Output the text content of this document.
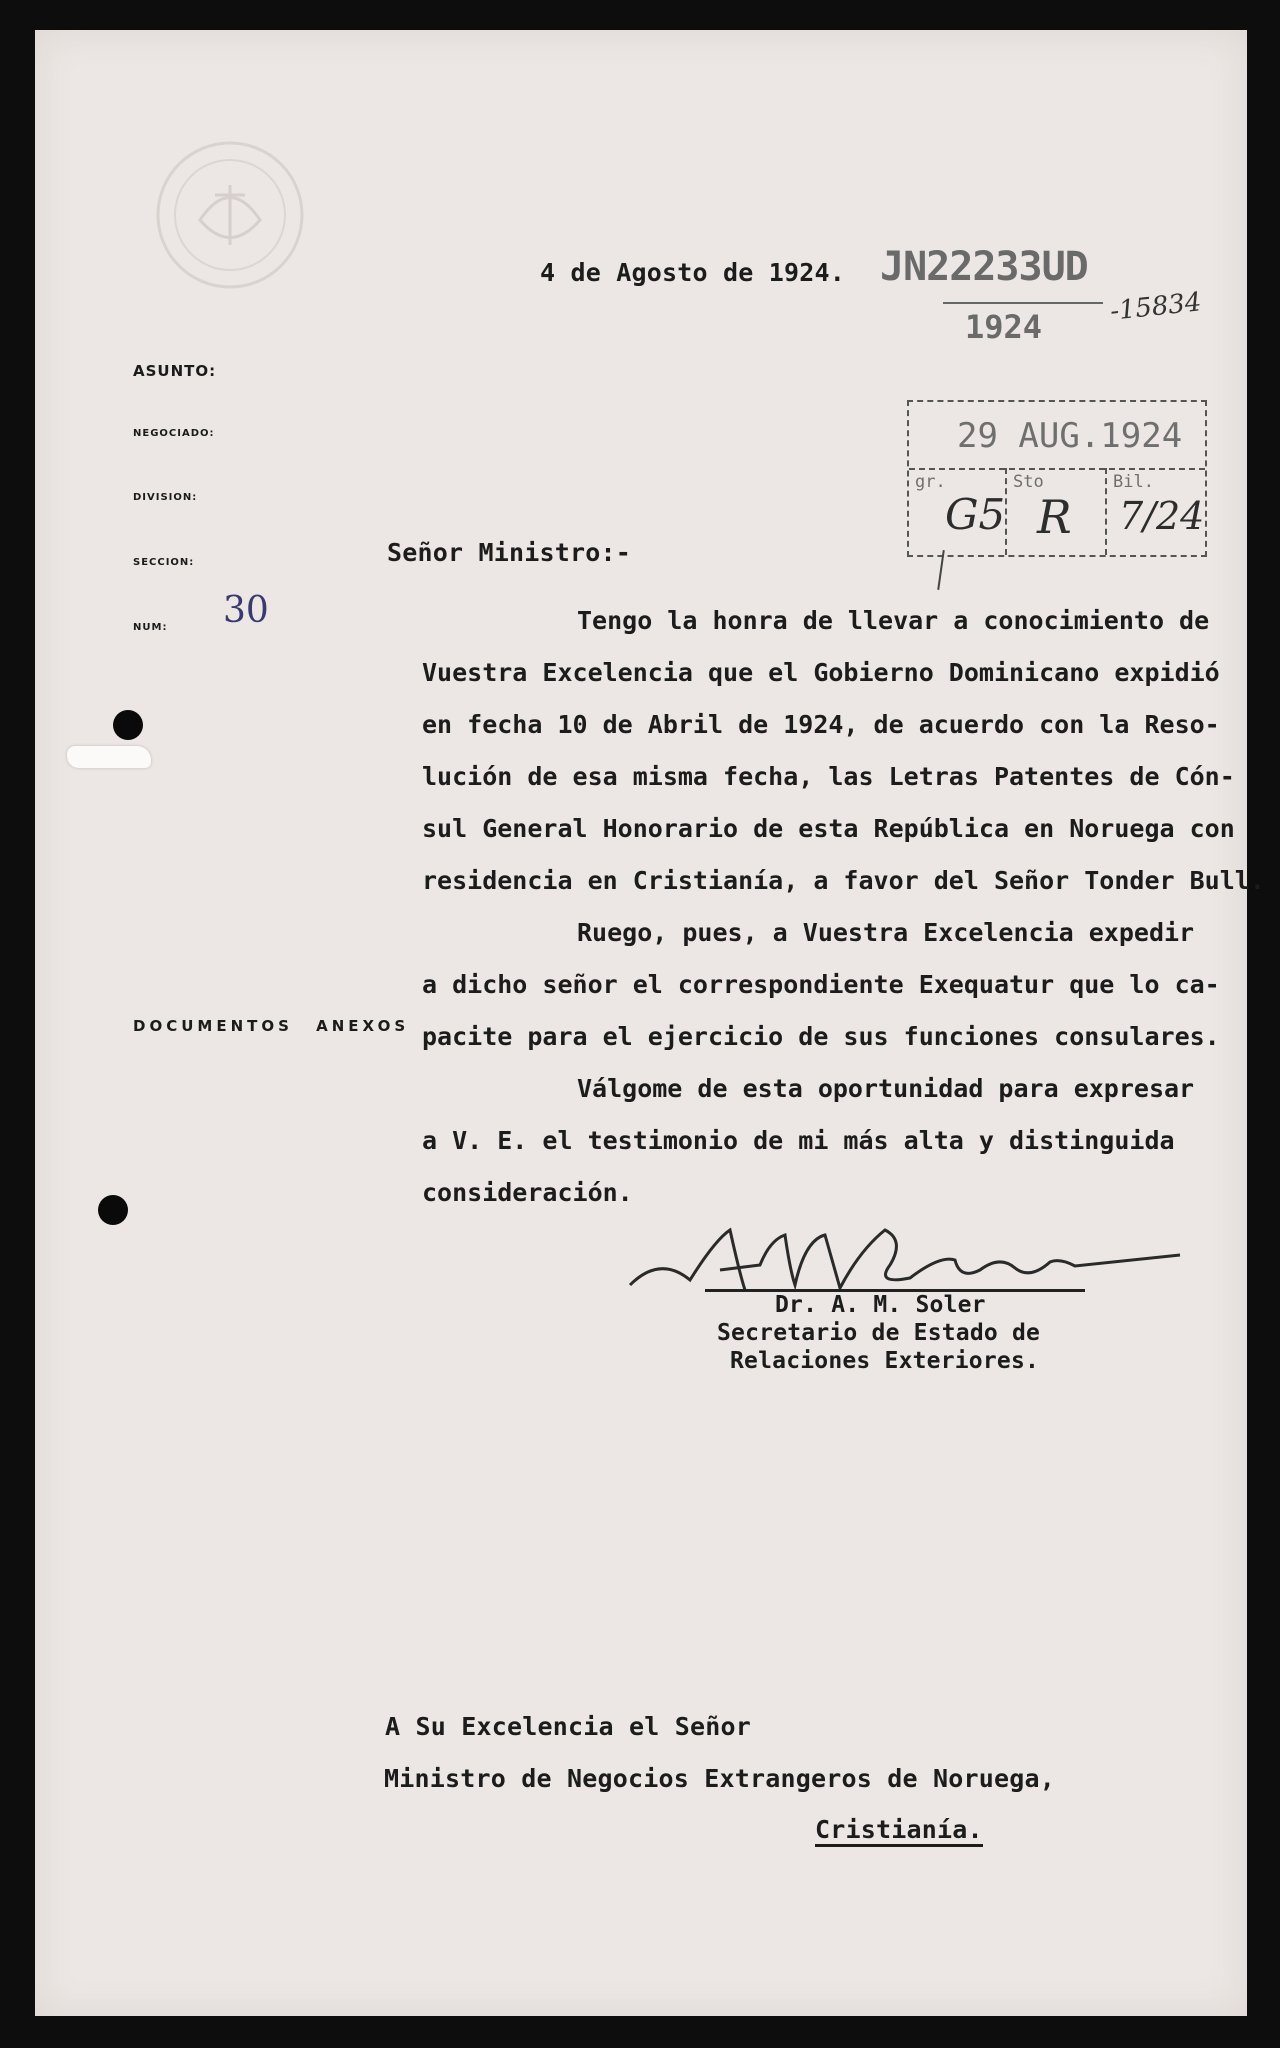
4 de Agosto de 1924. JN22233UD
1924
-15834
29 AUG.1924
gr.
G5
Sto
R
Bil.
7/24
ASUNTO:
NEGOCIADO:
DIVISION:
SECCION:
NUM: 30
DOCUMENTOS ANEXOS
Señor Ministro:-
Tengo la honra de llevar a conocimiento de
Vuestra Excelencia que el Gobierno Dominicano expidió
en fecha 10 de Abril de 1924, de acuerdo con la Reso-
lución de esa misma fecha, las Letras Patentes de Cón-
sul General Honorario de esta República en Noruega con
residencia en Cristianía, a favor del Señor Tonder Bull.
Ruego, pues, a Vuestra Excelencia expedir
a dicho señor el correspondiente Exequatur que lo ca-
pacite para el ejercicio de sus funciones consulares.
Válgome de esta oportunidad para expresar
a V. E. el testimonio de mi más alta y distinguida
consideración.
Dr. A. M. Soler
Secretario de Estado de
Relaciones Exteriores.
A Su Excelencia el Señor
Ministro de Negocios Extrangeros de Noruega,
Cristianía.
